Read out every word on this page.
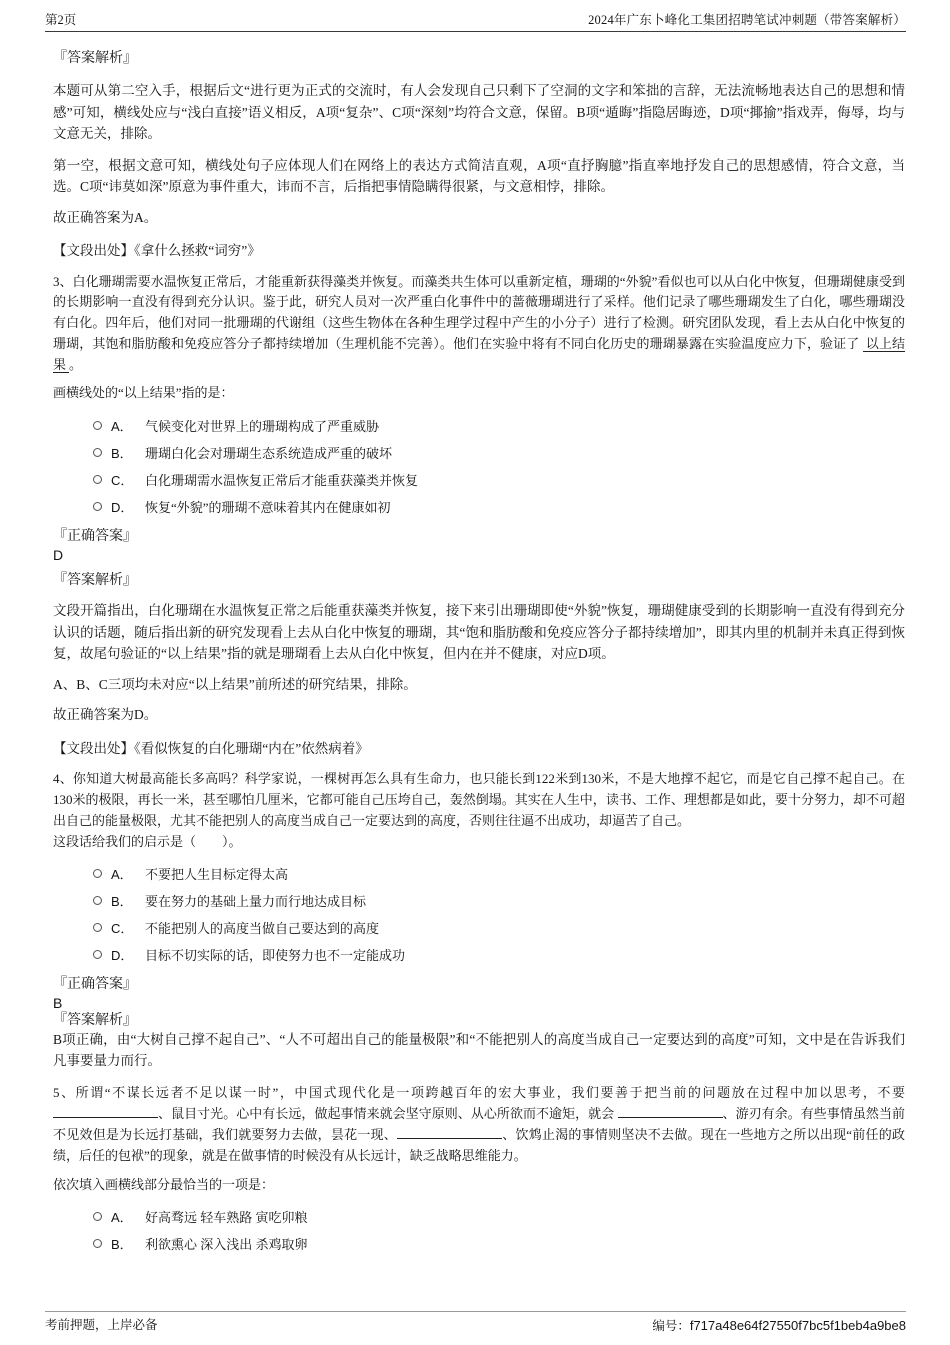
第2页	2024年广东卜峰化工集团招聘笔试冲刺题（带答案解析）
『答案解析』
本题可从第二空入手，根据后文“进行更为正式的交流时，有人会发现自己只剩下了空洞的文字和笨拙的言辞，无法流畅地表达自己的思想和情感”可知，横线处应与“浅白直接”语义相反，A项“复杂”、C项“深刻”均符合文意，保留。B项“遁晦”指隐居晦迹，D项“揶揄”指戏弄，侮辱，均与文意无关，排除。
第一空，根据文意可知，横线处句子应体现人们在网络上的表达方式简洁直观，A项“直抒胸臆”指直率地抒发自己的思想感情，符合文意，当选。C项“讳莫如深”原意为事件重大，讳而不言，后指把事情隐瞒得很紧，与文意相悖，排除。
故正确答案为A。
【文段出处】《拿什么拯救“词穷”》
3、白化珊瑚需要水温恢复正常后，才能重新获得藻类并恢复。而藻类共生体可以重新定植，珊瑚的“外貌”看似也可以从白化中恢复，但珊瑚健康受到的长期影响一直没有得到充分认识。鉴于此，研究人员对一次严重白化事件中的蔷薇珊瑚进行了采样。他们记录了哪些珊瑚发生了白化，哪些珊瑚没有白化。四年后，他们对同一批珊瑚的代谢组（这些生物体在各种生理学过程中产生的小分子）进行了检测。研究团队发现，看上去从白化中恢复的珊瑚，其饱和脂肪酸和免疫应答分子都持续增加（生理机能不完善）。他们在实验中将有不同白化历史的珊瑚暴露在实验温度应力下，验证了 以上结果 。
画横线处的“以上结果”指的是：
A． 气候变化对世界上的珊瑚构成了严重威胁
B． 珊瑚白化会对珊瑚生态系统造成严重的破坏
C． 白化珊瑚需水温恢复正常后才能重获藻类并恢复
D． 恢复“外貌”的珊瑚不意味着其内在健康如初
『正确答案』
D
『答案解析』
文段开篇指出，白化珊瑚在水温恢复正常之后能重获藻类并恢复，接下来引出珊瑚即使“外貌”恢复，珊瑚健康受到的长期影响一直没有得到充分认识的话题，随后指出新的研究发现看上去从白化中恢复的珊瑚，其“饱和脂肪酸和免疫应答分子都持续增加”，即其内里的机制并未真正得到恢复，故尾句验证的“以上结果”指的就是珊瑚看上去从白化中恢复，但内在并不健康，对应D项。
A、B、C三项均未对应“以上结果”前所述的研究结果，排除。
故正确答案为D。
【文段出处】《看似恢复的白化珊瑚“内在”依然病着》
4、你知道大树最高能长多高吗？科学家说，一棵树再怎么具有生命力，也只能长到122米到130米，不是大地撑不起它，而是它自己撑不起自己。在130米的极限，再长一米，甚至哪怕几厘米，它都可能自己压垮自己，轰然倒塌。其实在人生中，读书、工作、理想都是如此，要十分努力，却不可超出自己的能量极限，尤其不能把别人的高度当成自己一定要达到的高度，否则往往逼不出成功，却逼苦了自己。
这段话给我们的启示是（　　）。
A． 不要把人生目标定得太高
B． 要在努力的基础上量力而行地达成目标
C． 不能把别人的高度当做自己要达到的高度
D． 目标不切实际的话，即使努力也不一定能成功
『正确答案』
B
『答案解析』
B项正确，由“大树自己撑不起自己”、“人不可超出自己的能量极限”和“不能把别人的高度当成自己一定要达到的高度”可知，文中是在告诉我们凡事要量力而行。
5、所谓“不谋长远者不足以谋一时”，中国式现代化是一项跨越百年的宏大事业，我们要善于把当前的问题放在过程中加以思考，不要、鼠目寸光。心中有长远，做起事情来就会坚守原则、从心所欲而不逾矩，就会	、游刃有余。有些事情虽然当前不见效但是为长远打基础，我们就要努力去做，昙花一现、	、饮鸩止渴的事情则坚决不去做。现在一些地方之所以出现“前任的政绩，后任的包袱”的现象，就是在做事情的时候没有从长远计，缺乏战略思维能力。
依次填入画横线部分最恰当的一项是：
A． 好高骛远 轻车熟路 寅吃卯粮
B． 利欲熏心 深入浅出 杀鸡取卵
考前押题，上岸必备	编号：f717a48e64f27550f7bc5f1beb4a9be8
